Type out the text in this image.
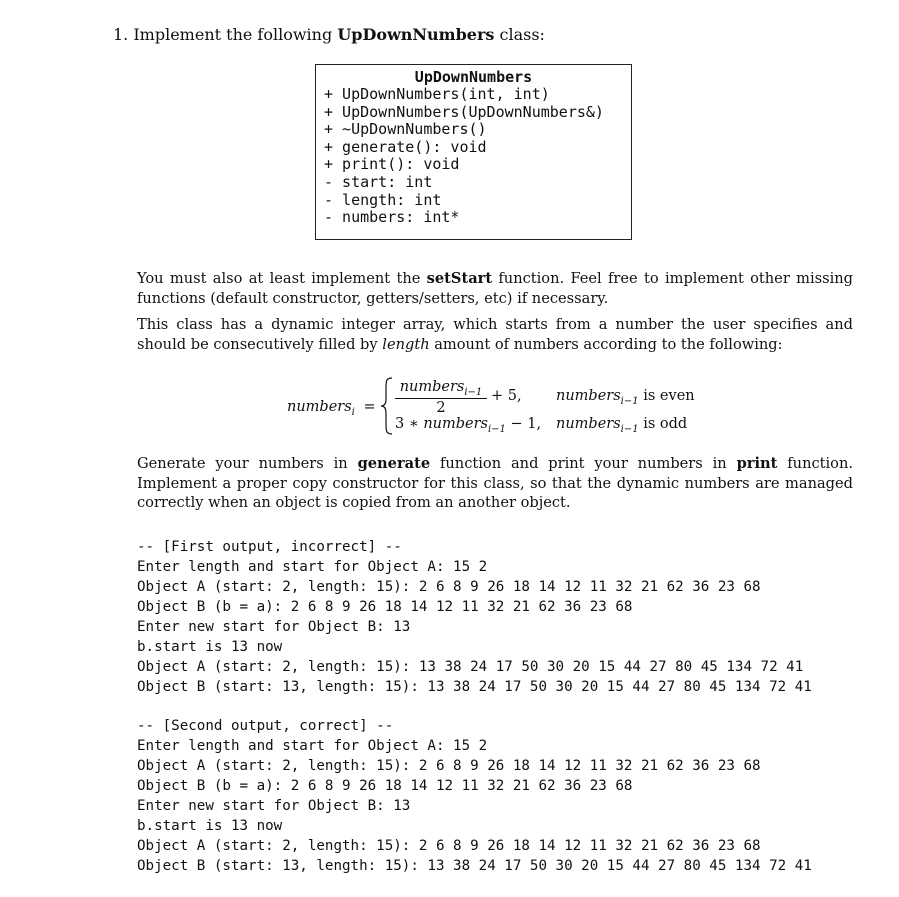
1. Implement the following UpDownNumbers class:
UpDownNumbers
+ UpDownNumbers(int, int)
+ UpDownNumbers(UpDownNumbers&)
+ ~UpDownNumbers()
+ generate(): void
+ print(): void
- start: int
- length: int
- numbers: int*
You must also at least implement the setStart function. Feel free to implement other missing functions (default constructor, getters/setters, etc) if necessary.
This class has a dynamic integer array, which starts from a number the user specifies and should be consecutively filled by length amount of numbers according to the following:
numbers$_i$ =
numbers$_{i-1}$
2
+ 5, numbers$_{i-1}$ is even
3 ∗ numbers$_{i-1}$ − 1, numbers$_{i-1}$ is odd
Generate your numbers in generate function and print your numbers in print function. Implement a proper copy constructor for this class, so that the dynamic numbers are managed correctly when an object is copied from an another object.
-- [First output, incorrect] --
Enter length and start for Object A: 15 2
Object A (start: 2, length: 15): 2 6 8 9 26 18 14 12 11 32 21 62 36 23 68
Object B (b = a): 2 6 8 9 26 18 14 12 11 32 21 62 36 23 68
Enter new start for Object B: 13
b.start is 13 now
Object A (start: 2, length: 15): 13 38 24 17 50 30 20 15 44 27 80 45 134 72 41
Object B (start: 13, length: 15): 13 38 24 17 50 30 20 15 44 27 80 45 134 72 41
-- [Second output, correct] --
Enter length and start for Object A: 15 2
Object A (start: 2, length: 15): 2 6 8 9 26 18 14 12 11 32 21 62 36 23 68
Object B (b = a): 2 6 8 9 26 18 14 12 11 32 21 62 36 23 68
Enter new start for Object B: 13
b.start is 13 now
Object A (start: 2, length: 15): 2 6 8 9 26 18 14 12 11 32 21 62 36 23 68
Object B (start: 13, length: 15): 13 38 24 17 50 30 20 15 44 27 80 45 134 72 41
